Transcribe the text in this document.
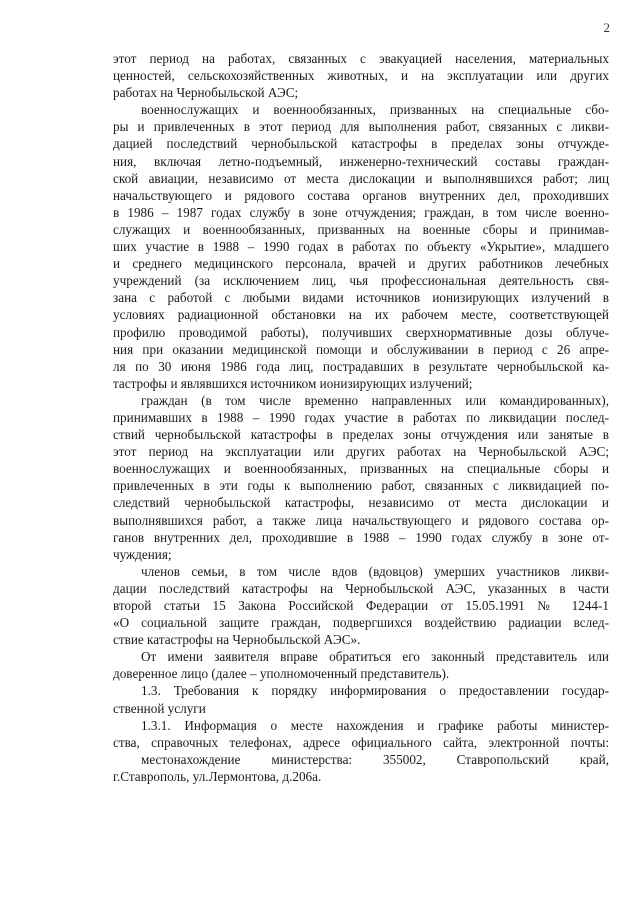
2
этот период на работах, связанных с эвакуацией населения, материальных
ценностей, сельскохозяйственных животных, и на эксплуатации или других
работах на Чернобыльской АЭС;
военнослужащих и военнообязанных, призванных на специальные сбо-
ры и привлеченных в этот период для выполнения работ, связанных с ликви-
дацией последствий чернобыльской катастрофы в пределах зоны отчужде-
ния, включая летно-подъемный, инженерно-технический составы граждан-
ской авиации, независимо от места дислокации и выполнявшихся работ; лиц
начальствующего и рядового состава органов внутренних дел, проходивших
в 1986 – 1987 годах службу в зоне отчуждения; граждан, в том числе военно-
служащих и военнообязанных, призванных на военные сборы и принимав-
ших участие в 1988 – 1990 годах в работах по объекту «Укрытие», младшего
и среднего медицинского персонала, врачей и других работников лечебных
учреждений (за исключением лиц, чья профессиональная деятельность свя-
зана с работой с любыми видами источников ионизирующих излучений в
условиях радиационной обстановки на их рабочем месте, соответствующей
профилю проводимой работы), получивших сверхнормативные дозы облуче-
ния при оказании медицинской помощи и обслуживании в период с 26 апре-
ля по 30 июня 1986 года лиц, пострадавших в результате чернобыльской ка-
тастрофы и являвшихся источником ионизирующих излучений;
граждан (в том числе временно направленных или командированных),
принимавших в 1988 – 1990 годах участие в работах по ликвидации послед-
ствий чернобыльской катастрофы в пределах зоны отчуждения или занятые в
этот период на эксплуатации или других работах на Чернобыльской АЭС;
военнослужащих и военнообязанных, призванных на специальные сборы и
привлеченных в эти годы к выполнению работ, связанных с ликвидацией по-
следствий чернобыльской катастрофы, независимо от места дислокации и
выполнявшихся работ, а также лица начальствующего и рядового состава ор-
ганов внутренних дел, проходившие в 1988 – 1990 годах службу в зоне от-
чуждения;
членов семьи, в том числе вдов (вдовцов) умерших участников ликви-
дации последствий катастрофы на Чернобыльской АЭС, указанных в части
второй статьи 15 Закона Российской Федерации от 15.05.1991 № 1244-1
«О социальной защите граждан, подвергшихся воздействию радиации вслед-
ствие катастрофы на Чернобыльской АЭС».
От имени заявителя вправе обратиться его законный представитель или
доверенное лицо (далее – уполномоченный представитель).
1.3. Требования к порядку информирования о предоставлении государ-
ственной услуги
1.3.1. Информация о месте нахождения и графике работы министер-
ства, справочных телефонах, адресе официального сайта, электронной почты:
местонахождение министерства: 355002, Ставропольский край,
г.Ставрополь, ул.Лермонтова, д.206а.
